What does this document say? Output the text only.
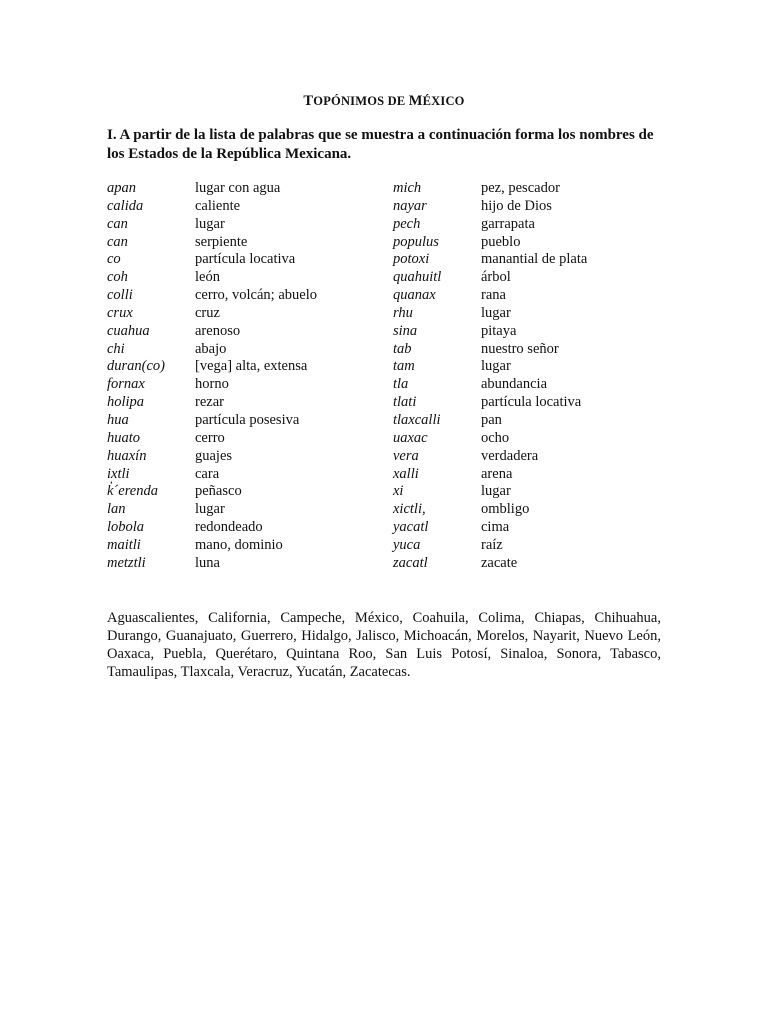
TOPÓNIMOS DE MÉXICO
I. A partir de la lista de palabras que se muestra a continuación forma los nombres de los Estados de la República Mexicana.
apan
calida
can
can
co
coh
colli
crux
cuahua
chi
duran(co)
fornax
holipa
hua
huato
huaxín
ixtli
k̓´erenda
lan
lobola
maitli
metztli
lugar con agua
caliente
lugar
serpiente
partícula locativa
león
cerro, volcán; abuelo
cruz
arenoso
abajo
[vega] alta, extensa
horno
rezar
partícula posesiva
cerro
guajes
cara
peñasco
lugar
redondeado
mano, dominio
luna
mich
nayar
pech
populus
potoxi
quahuitl
quanax
rhu
sina
tab
tam
tla
tlati
tlaxcalli
uaxac
vera
xalli
xi
xictli,
yacatl
yuca
zacatl
pez, pescador
hijo de Dios
garrapata
pueblo
manantial de plata
árbol
rana
lugar
pitaya
nuestro señor
lugar
abundancia
partícula locativa
pan
ocho
verdadera
arena
lugar
ombligo
cima
raíz
zacate
Aguascalientes, California, Campeche, México, Coahuila, Colima, Chiapas, Chihuahua, Durango, Guanajuato, Guerrero, Hidalgo, Jalisco, Michoacán, Morelos, Nayarit, Nuevo León, Oaxaca, Puebla, Querétaro, Quintana Roo, San Luis Potosí, Sinaloa, Sonora, Tabasco, Tamaulipas, Tlaxcala, Veracruz, Yucatán, Zacatecas.
